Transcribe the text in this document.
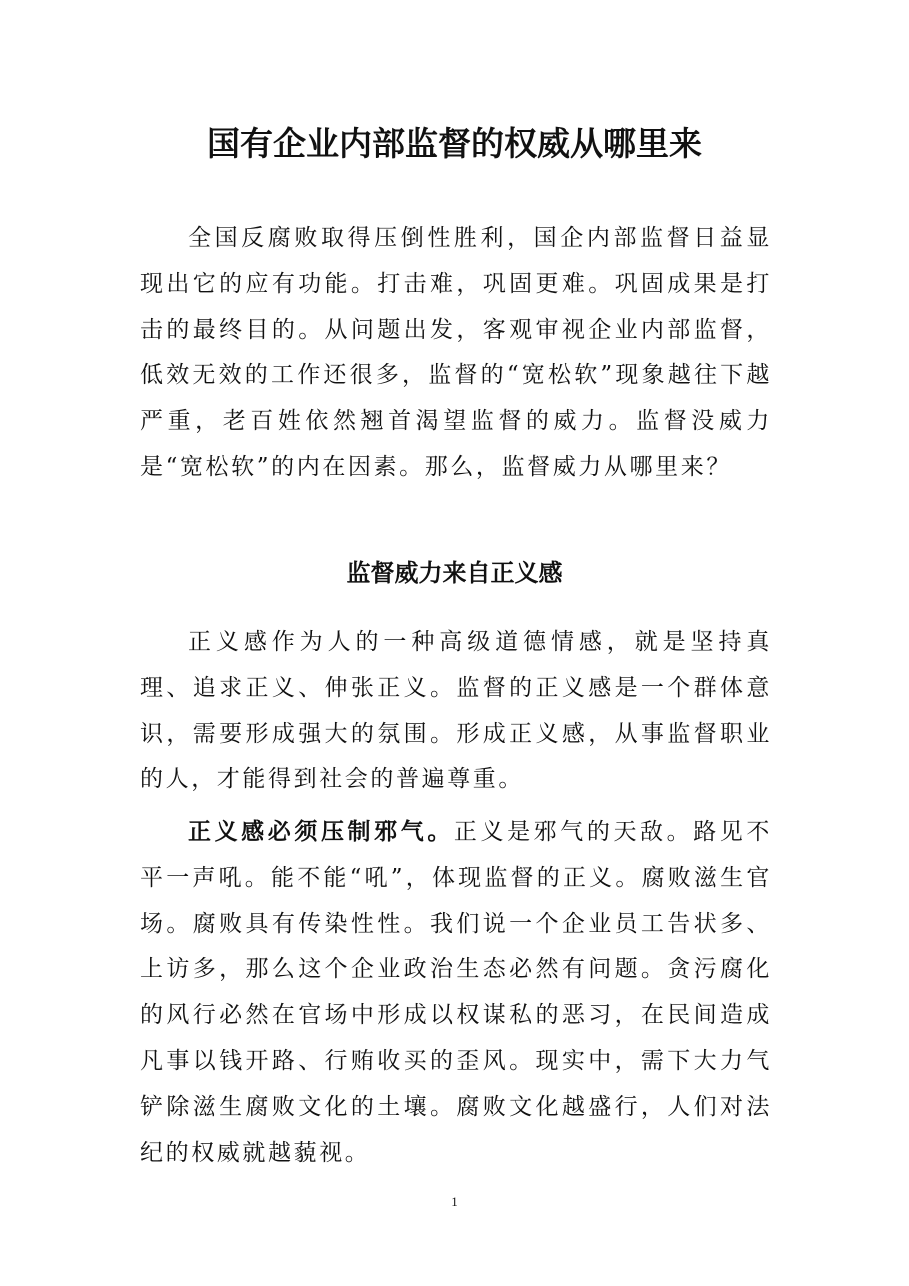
国有企业内部监督的权威从哪里来

全国反腐败取得压倒性胜利，国企内部监督日益显现出它的应有功能。打击难，巩固更难。巩固成果是打击的最终目的。从问题出发，客观审视企业内部监督，低效无效的工作还很多，监督的“宽松软”现象越往下越严重，老百姓依然翘首渴望监督的威力。监督没威力是“宽松软”的内在因素。那么，监督威力从哪里来？

监督威力来自正义感

正义感作为人的一种高级道德情感，就是坚持真理、追求正义、伸张正义。监督的正义感是一个群体意识，需要形成强大的氛围。形成正义感，从事监督职业的人，才能得到社会的普遍尊重。

正义感必须压制邪气。正义是邪气的天敌。路见不平一声吼。能不能“吼”，体现监督的正义。腐败滋生官场。腐败具有传染性性。我们说一个企业员工告状多、上访多，那么这个企业政治生态必然有问题。贪污腐化的风行必然在官场中形成以权谋私的恶习，在民间造成凡事以钱开路、行贿收买的歪风。现实中，需下大力气铲除滋生腐败文化的土壤。腐败文化越盛行，人们对法纪的权威就越藐视。

1
